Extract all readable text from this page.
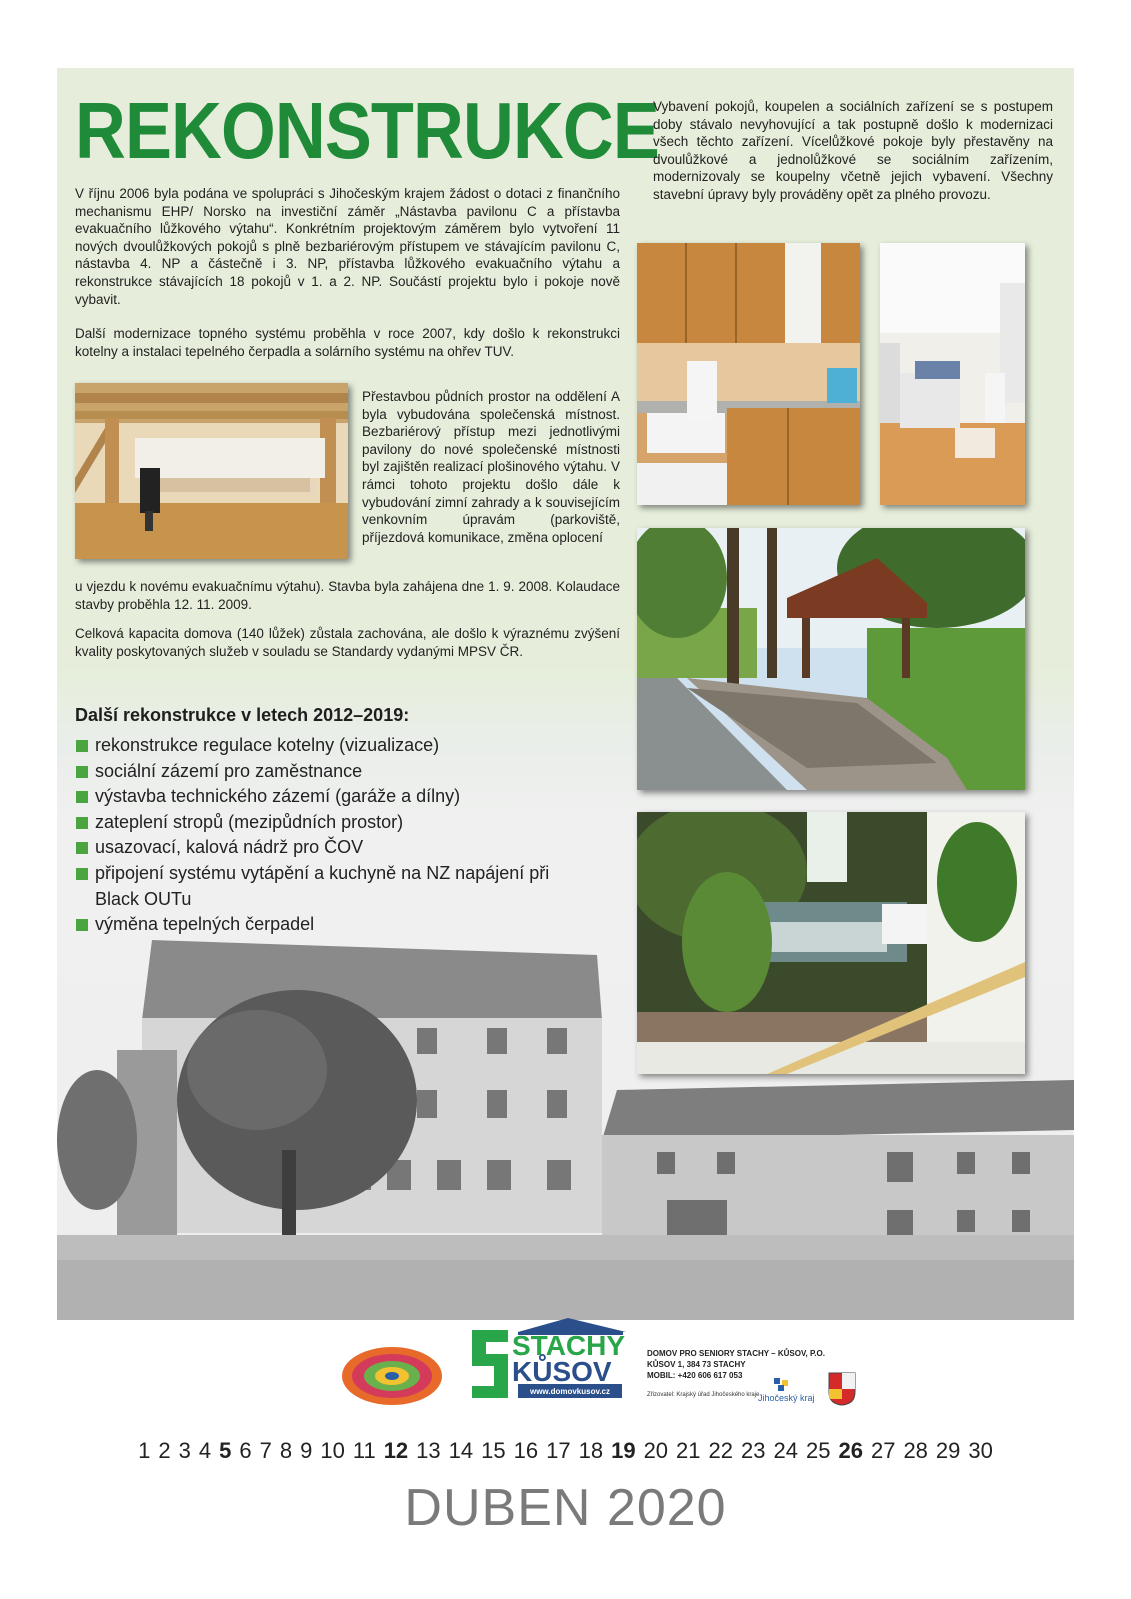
REKONSTRUKCE

V říjnu 2006 byla podána ve spolupráci s Jihočeským krajem žádost o dotaci z finančního mechanismu EHP/ Norsko na investiční záměr „Nástavba pavilonu C a přístavba evakuačního lůžkového výtahu“. Konkrétním projektovým záměrem bylo vytvoření 11 nových dvoulůžkových pokojů s plně bezbariérovým přístupem ve stávajícím pavilonu C, nástavba 4. NP a částečně i 3. NP, přístavba lůžkového evakuačního výtahu a rekonstrukce stávajících 18 pokojů v 1. a 2. NP. Součástí projektu bylo i pokoje nově vybavit.

Další modernizace topného systému proběhla v roce 2007, kdy došlo k rekonstrukci kotelny a instalaci tepelného čerpadla a solárního systému na ohřev TUV.

Vybavení pokojů, koupelen a sociálních zařízení se s postupem doby stávalo nevyhovující a tak postupně došlo k modernizaci všech těchto zařízení. Vícelůžkové pokoje byly přestavěny na dvoulůžkové a jednolůžkové se sociálním zařízením, modernizovaly se koupelny včetně jejich vybavení. Všechny stavební úpravy byly prováděny opět za plného provozu.

Přestavbou půdních prostor na oddělení A byla vybudována společenská místnost. Bezbariérový přístup mezi jednotlivými pavilony do nové společenské místnosti byl zajištěn realizací plošinového výtahu. V rámci tohoto projektu došlo dále k vybudování zimní zahrady a k souvisejícím venkovním úpravám (parkoviště, příjezdová komunikace, změna oplocení

u vjezdu k novému evakuačnímu výtahu). Stavba byla zahájena dne 1. 9. 2008. Kolaudace stavby proběhla 12. 11. 2009.

Celková kapacita domova (140 lůžek) zůstala zachována, ale došlo k výraznému zvýšení kvality poskytovaných služeb v souladu se Standardy vydanými MPSV ČR.

Další rekonstrukce v letech 2012–2019:
rekonstrukce regulace kotelny (vizualizace)
sociální zázemí pro zaměstnance
výstavba technického zázemí (garáže a dílny)
zateplení stropů (mezipůdních prostor)
usazovací, kalová nádrž pro ČOV
připojení systému vytápění a kuchyně na NZ napájení při Black OUTu
výměna tepelných čerpadel
STACHY
KŮSOV
www.domovkusov.cz
DOMOV PRO SENIORY STACHY – KŮSOV, P.O.
KŮSOV 1, 384 73 STACHY
MOBIL: +420 606 617 053
Zřizovatel: Krajský úřad Jihočeského kraje
Jihočeský kraj
1 2 3 4 5 6 7 8 9 10 11 12 13 14 15 16 17 18 19 20 21 22 23 24 25 26 27 28 29 30
DUBEN 2020
